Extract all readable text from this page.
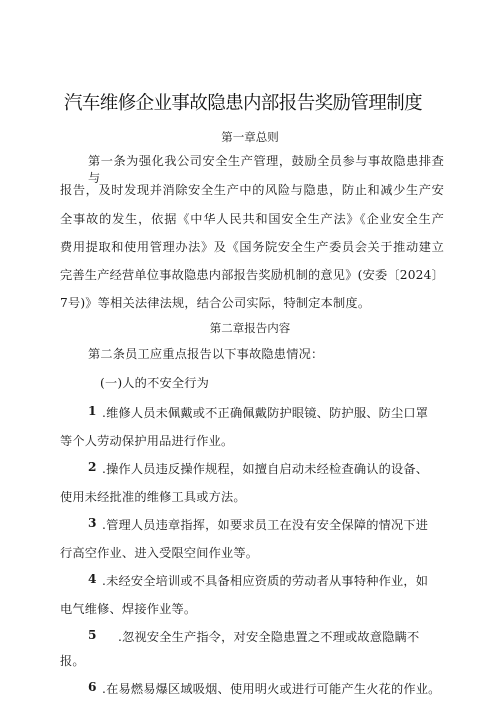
汽车维修企业事故隐患内部报告奖励管理制度
第一章总则
第一条为强化我公司安全生产管理，鼓励全员参与事故隐患排查与
报告，及时发现并消除安全生产中的风险与隐患，防止和减少生产安
全事故的发生，依据《中华人民共和国安全生产法》《企业安全生产
费用提取和使用管理办法》及《国务院安全生产委员会关于推动建立
完善生产经营单位事故隐患内部报告奖励机制的意见》(安委〔2024〕
7号)》等相关法律法规，结合公司实际，特制定本制度。
第二章报告内容
第二条员工应重点报告以下事故隐患情况：
(一)人的不安全行为
1 .维修人员未佩戴或不正确佩戴防护眼镜、防护服、防尘口罩
等个人劳动保护用品进行作业。
2 .操作人员违反操作规程，如擅自启动未经检查确认的设备、
使用未经批准的维修工具或方法。
3 .管理人员违章指挥，如要求员工在没有安全保障的情况下进
行高空作业、进入受限空间作业等。
4 .未经安全培训或不具备相应资质的劳动者从事特种作业，如
电气维修、焊接作业等。
5 .忽视安全生产指令，对安全隐患置之不理或故意隐瞒不
报。
6 .在易燃易爆区域吸烟、使用明火或进行可能产生火花的作业。
